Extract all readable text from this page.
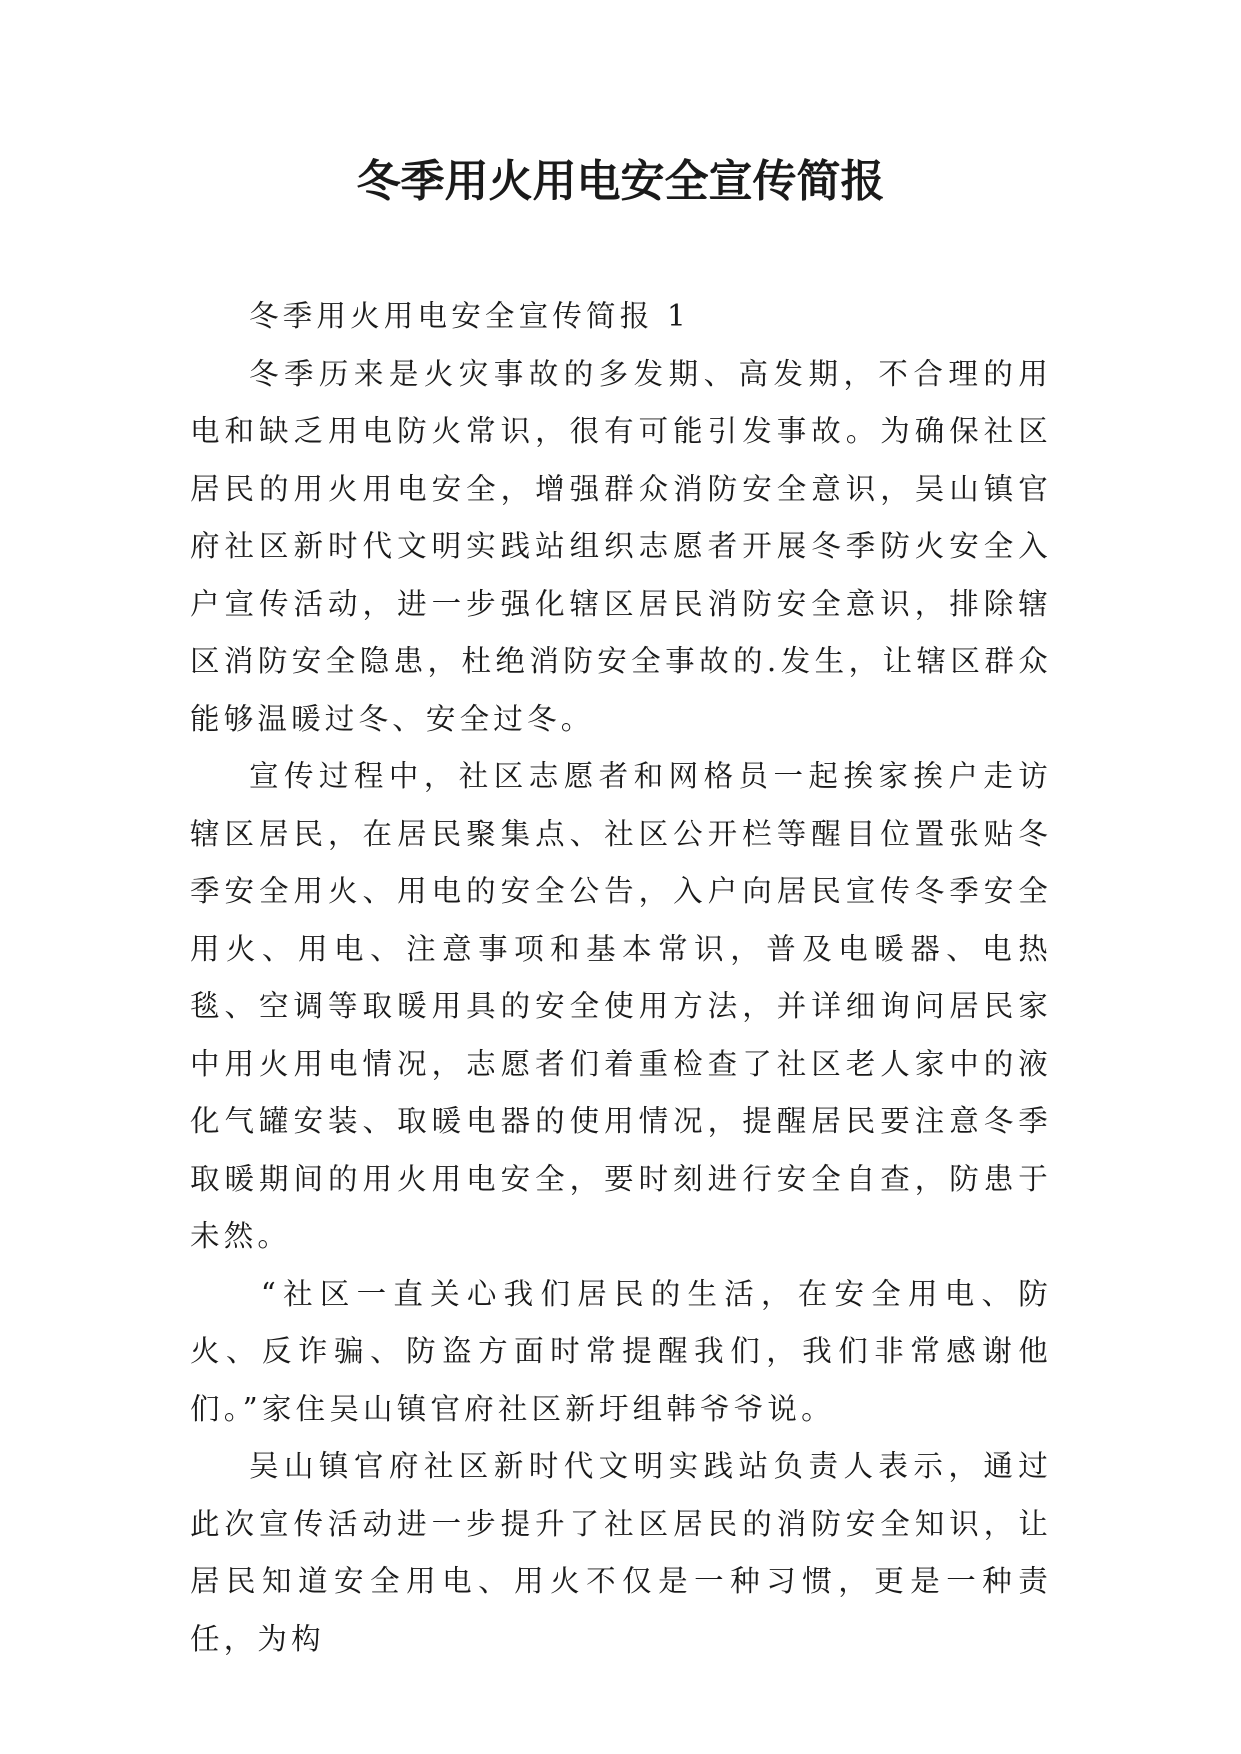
冬季用火用电安全宣传简报

冬季用火用电安全宣传简报 1

冬季历来是火灾事故的多发期、高发期，不合理的用电和缺乏用电防火常识，很有可能引发事故。为确保社区居民的用火用电安全，增强群众消防安全意识，吴山镇官府社区新时代文明实践站组织志愿者开展冬季防火安全入户宣传活动，进一步强化辖区居民消防安全意识，排除辖区消防安全隐患，杜绝消防安全事故的.发生，让辖区群众能够温暖过冬、安全过冬。

宣传过程中，社区志愿者和网格员一起挨家挨户走访辖区居民，在居民聚集点、社区公开栏等醒目位置张贴冬季安全用火、用电的安全公告，入户向居民宣传冬季安全用火、用电、注意事项和基本常识，普及电暖器、电热毯、空调等取暖用具的安全使用方法，并详细询问居民家中用火用电情况，志愿者们着重检查了社区老人家中的液化气罐安装、取暖电器的使用情况，提醒居民要注意冬季取暖期间的用火用电安全，要时刻进行安全自查，防患于未然。

“社区一直关心我们居民的生活，在安全用电、防火、反诈骗、防盗方面时常提醒我们，我们非常感谢他们。”家住吴山镇官府社区新圩组韩爷爷说。

吴山镇官府社区新时代文明实践站负责人表示，通过此次宣传活动进一步提升了社区居民的消防安全知识，让居民知道安全用电、用火不仅是一种习惯，更是一种责任，为构
